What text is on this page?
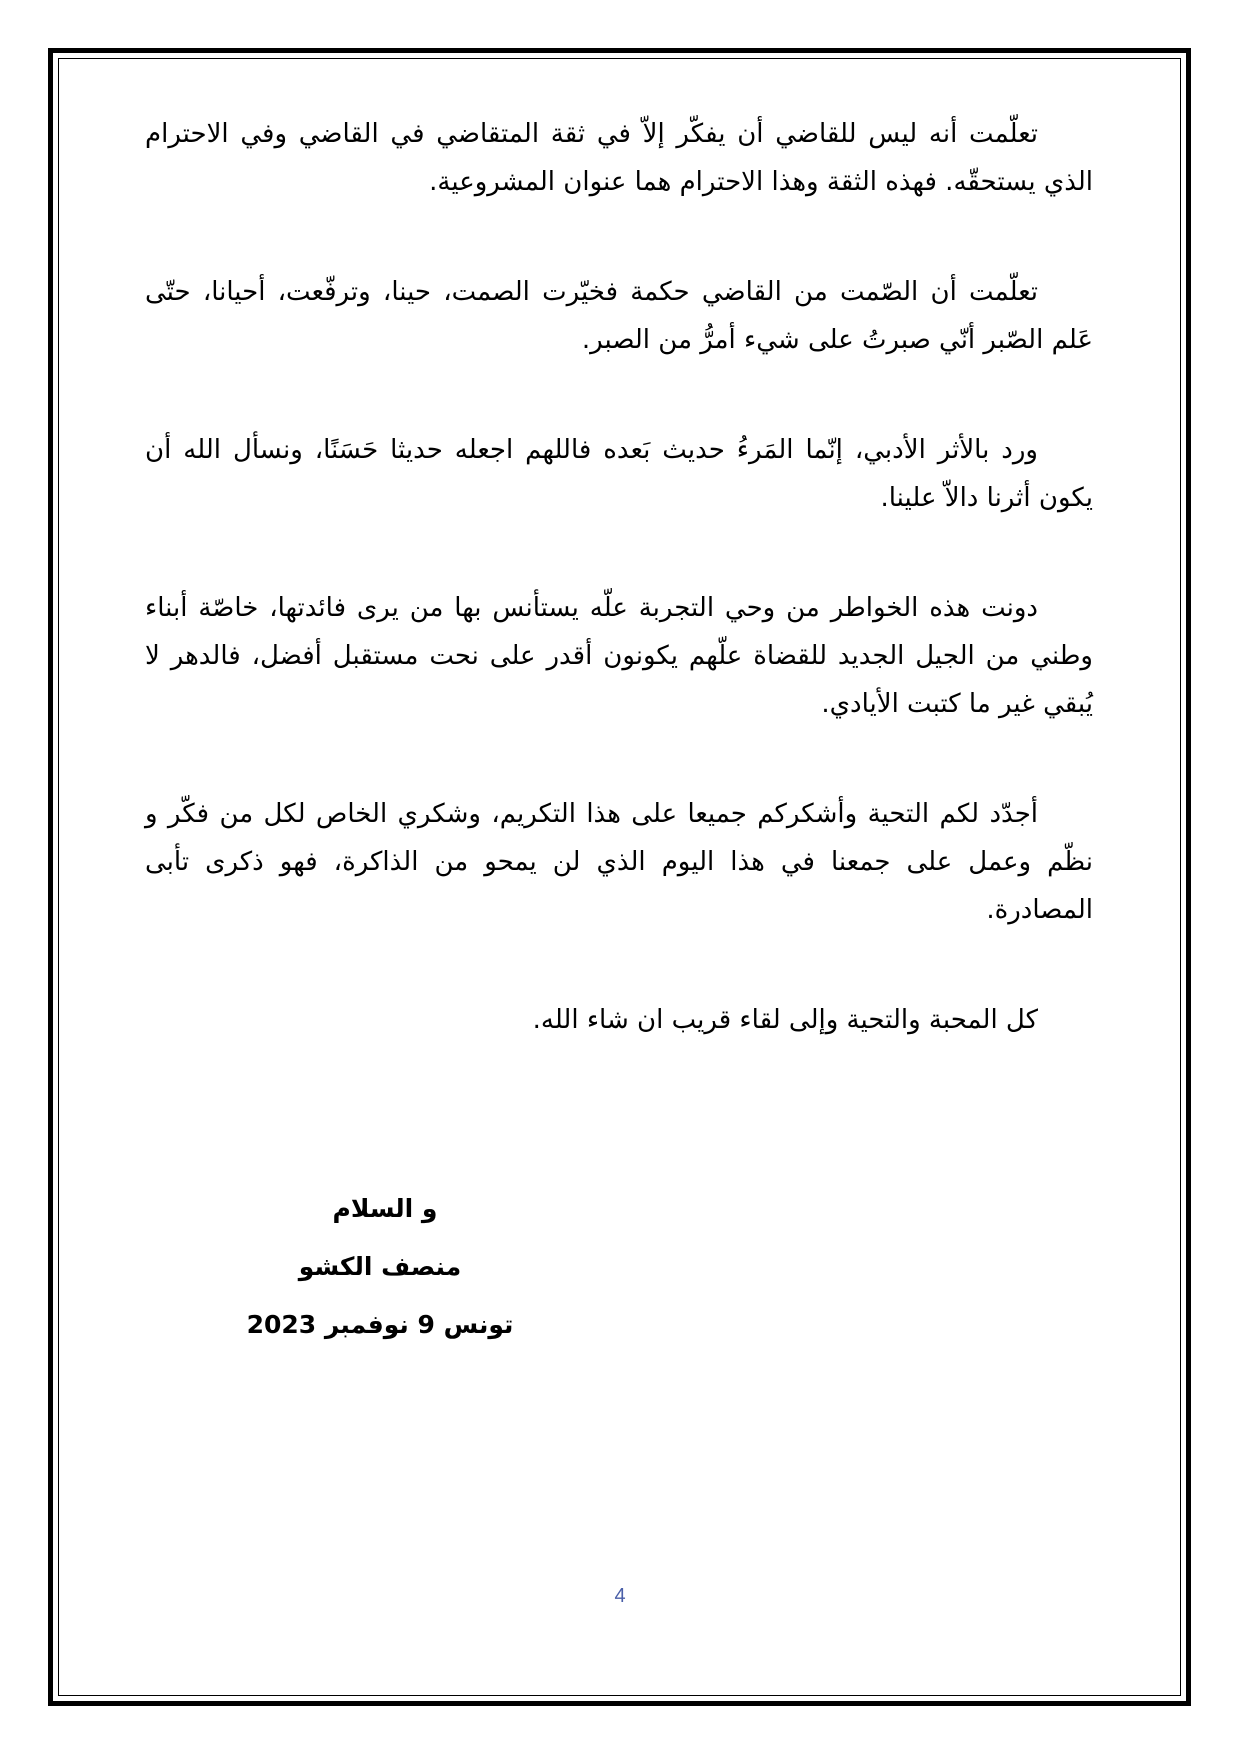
تعلّمت أنه ليس للقاضي أن يفكّر إلاّ في ثقة المتقاضي في القاضي وفي الاحترام الذي يستحقّه. فهذه الثقة وهذا الاحترام هما عنوان المشروعية.

تعلّمت أن الصّمت من القاضي حكمة فخيّرت الصمت، حينا، وترفّعت، أحيانا، حتّى عَلم الصّبر أنّي صبرتُ على شيء أمرُّ من الصبر.

ورد بالأثر الأدبي، إنّما المَرءُ حديث بَعده فاللهم اجعله حديثا حَسَنًا، ونسأل الله أن يكون أثرنا دالاّ علينا.

دونت هذه الخواطر من وحي التجربة علّه يستأنس بها من يرى فائدتها، خاصّة أبناء وطني من الجيل الجديد للقضاة علّهم يكونون أقدر على نحت مستقبل أفضل، فالدهر لا يُبقي غير ما كتبت الأيادي.

أجدّد لكم التحية وأشكركم جميعا على هذا التكريم، وشكري الخاص لكل من فكّر و نظّم وعمل على جمعنا في هذا اليوم الذي لن يمحو من الذاكرة، فهو ذكرى تأبى المصادرة.

كل المحبة والتحية وإلى لقاء قريب ان شاء الله.

و السلام
منصف الكشو
تونس 9 نوفمبر 2023
4
